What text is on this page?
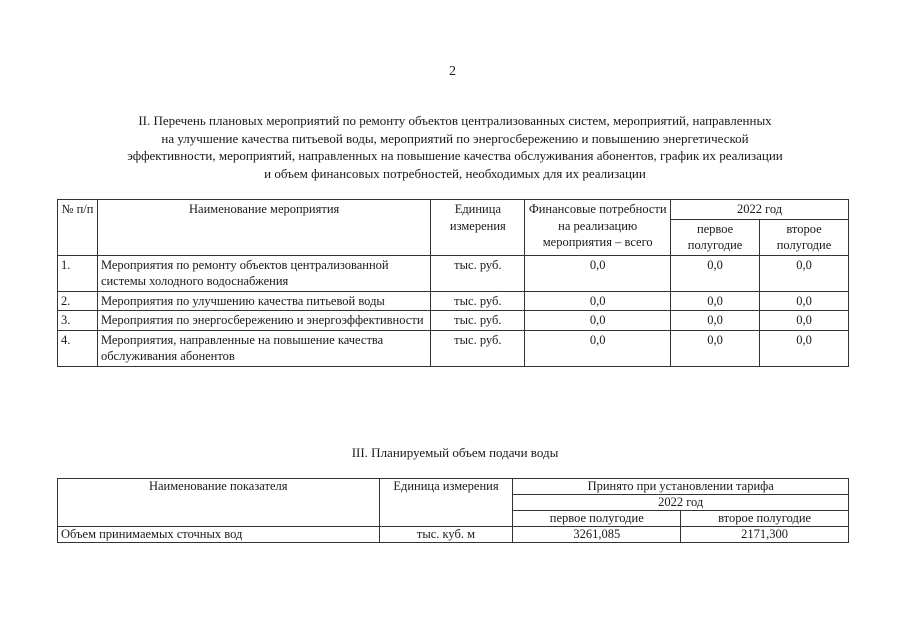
2
II. Перечень плановых мероприятий по ремонту объектов централизованных систем, мероприятий, направленных
на улучшение качества питьевой воды, мероприятий по энергосбережению и повышению энергетической
эффективности, мероприятий, направленных на повышение качества обслуживания абонентов, график их реализации
и объем финансовых потребностей, необходимых для их реализации
№ п/п	Наименование мероприятия	Единица измерения	Финансовые потребности на реализацию мероприятия – всего	2022 год	
				первое полугодие	второе полугодие
1.	Мероприятия по ремонту объектов централизованной системы холодного водоснабжения	тыс. руб.	0,0	0,0	0,0
2.	Мероприятия по улучшению качества питьевой воды	тыс. руб.	0,0	0,0	0,0
3.	Мероприятия по энергосбережению и энергоэффективности	тыс. руб.	0,0	0,0	0,0
4.	Мероприятия, направленные на повышение качества обслуживания абонентов	тыс. руб.	0,0	0,0	0,0
III. Планируемый объем подачи воды
Наименование показателя	Единица измерения	Принято при установлении тарифа	
		2022 год	
		первое полугодие	второе полугодие
Объем принимаемых сточных вод	тыс. куб. м	3261,085	2171,300
